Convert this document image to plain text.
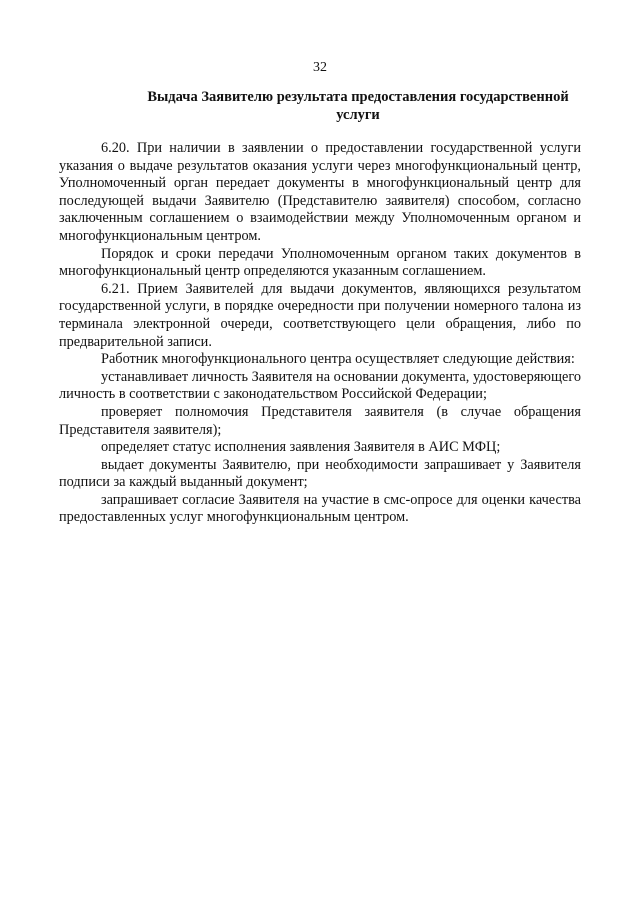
32
Выдача Заявителю результата предоставления государственной
услуги

6.20. При наличии в заявлении о предоставлении государственной услуги указания о выдаче результатов оказания услуги через многофункциональный центр, Уполномоченный орган передает документы в многофункциональный центр для последующей выдачи Заявителю (Представителю заявителя) способом, согласно заключенным соглашением о взаимодействии между Уполномоченным органом и многофункциональным центром.

Порядок и сроки передачи Уполномоченным органом таких документов в многофункциональный центр определяются указанным соглашением.

6.21. Прием Заявителей для выдачи документов, являющихся результатом государственной услуги, в порядке очередности при получении номерного талона из терминала электронной очереди, соответствующего цели обращения, либо по предварительной записи.

Работник многофункционального центра осуществляет следующие действия:

устанавливает личность Заявителя на основании документа, удостоверяющего личность в соответствии с законодательством Российской Федерации;

проверяет полномочия Представителя заявителя (в случае обращения Представителя заявителя);

определяет статус исполнения заявления Заявителя в АИС МФЦ;

выдает документы Заявителю, при необходимости запрашивает у Заявителя подписи за каждый выданный документ;

запрашивает согласие Заявителя на участие в смс-опросе для оценки качества предоставленных услуг многофункциональным центром.
